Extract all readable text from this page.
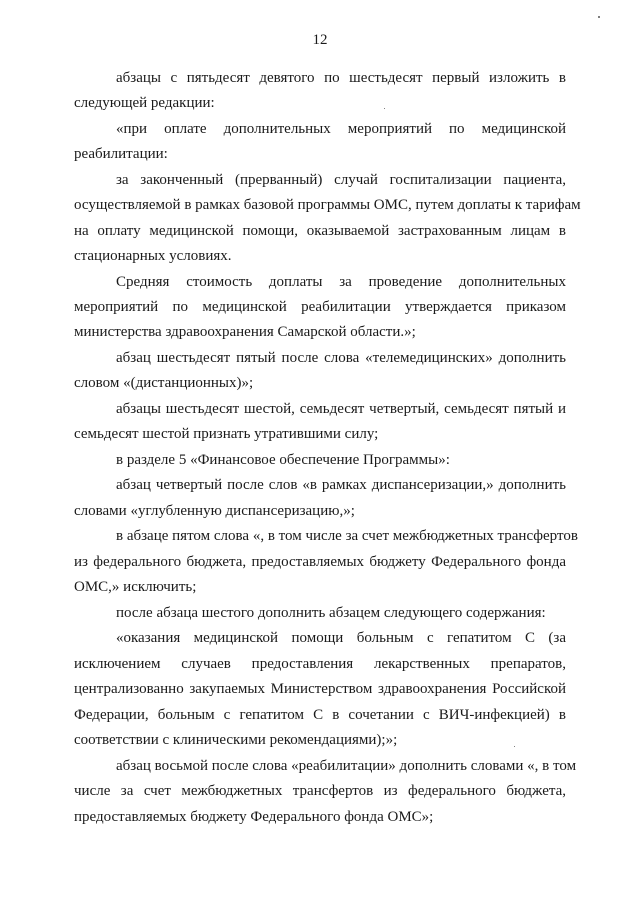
12
абзацы с пятьдесят девятого по шестьдесят первый изложить в
следующей редакции:
«при оплате дополнительных мероприятий по медицинской
реабилитации:
за законченный (прерванный) случай госпитализации пациента,
осуществляемой в рамках базовой программы ОМС, путем доплаты к тарифам
на оплату медицинской помощи, оказываемой застрахованным лицам в
стационарных условиях.
Средняя стоимость доплаты за проведение дополнительных
мероприятий по медицинской реабилитации утверждается приказом
министерства здравоохранения Самарской области.»;
абзац шестьдесят пятый после слова «телемедицинских» дополнить
словом «(дистанционных)»;
абзацы шестьдесят шестой, семьдесят четвертый, семьдесят пятый и
семьдесят шестой признать утратившими силу;
в разделе 5 «Финансовое обеспечение Программы»:
абзац четвертый после слов «в рамках диспансеризации,» дополнить
словами «углубленную диспансеризацию,»;
в абзаце пятом слова «, в том числе за счет межбюджетных трансфертов
из федерального бюджета, предоставляемых бюджету Федерального фонда
ОМС,» исключить;
после абзаца шестого дополнить абзацем следующего содержания:
«оказания медицинской помощи больным с гепатитом С (за
исключением случаев предоставления лекарственных препаратов,
централизованно закупаемых Министерством здравоохранения Российской
Федерации, больным с гепатитом С в сочетании с ВИЧ-инфекцией) в
соответствии с клиническими рекомендациями);»;
абзац восьмой после слова «реабилитации» дополнить словами «, в том
числе за счет межбюджетных трансфертов из федерального бюджета,
предоставляемых бюджету Федерального фонда ОМС»;
